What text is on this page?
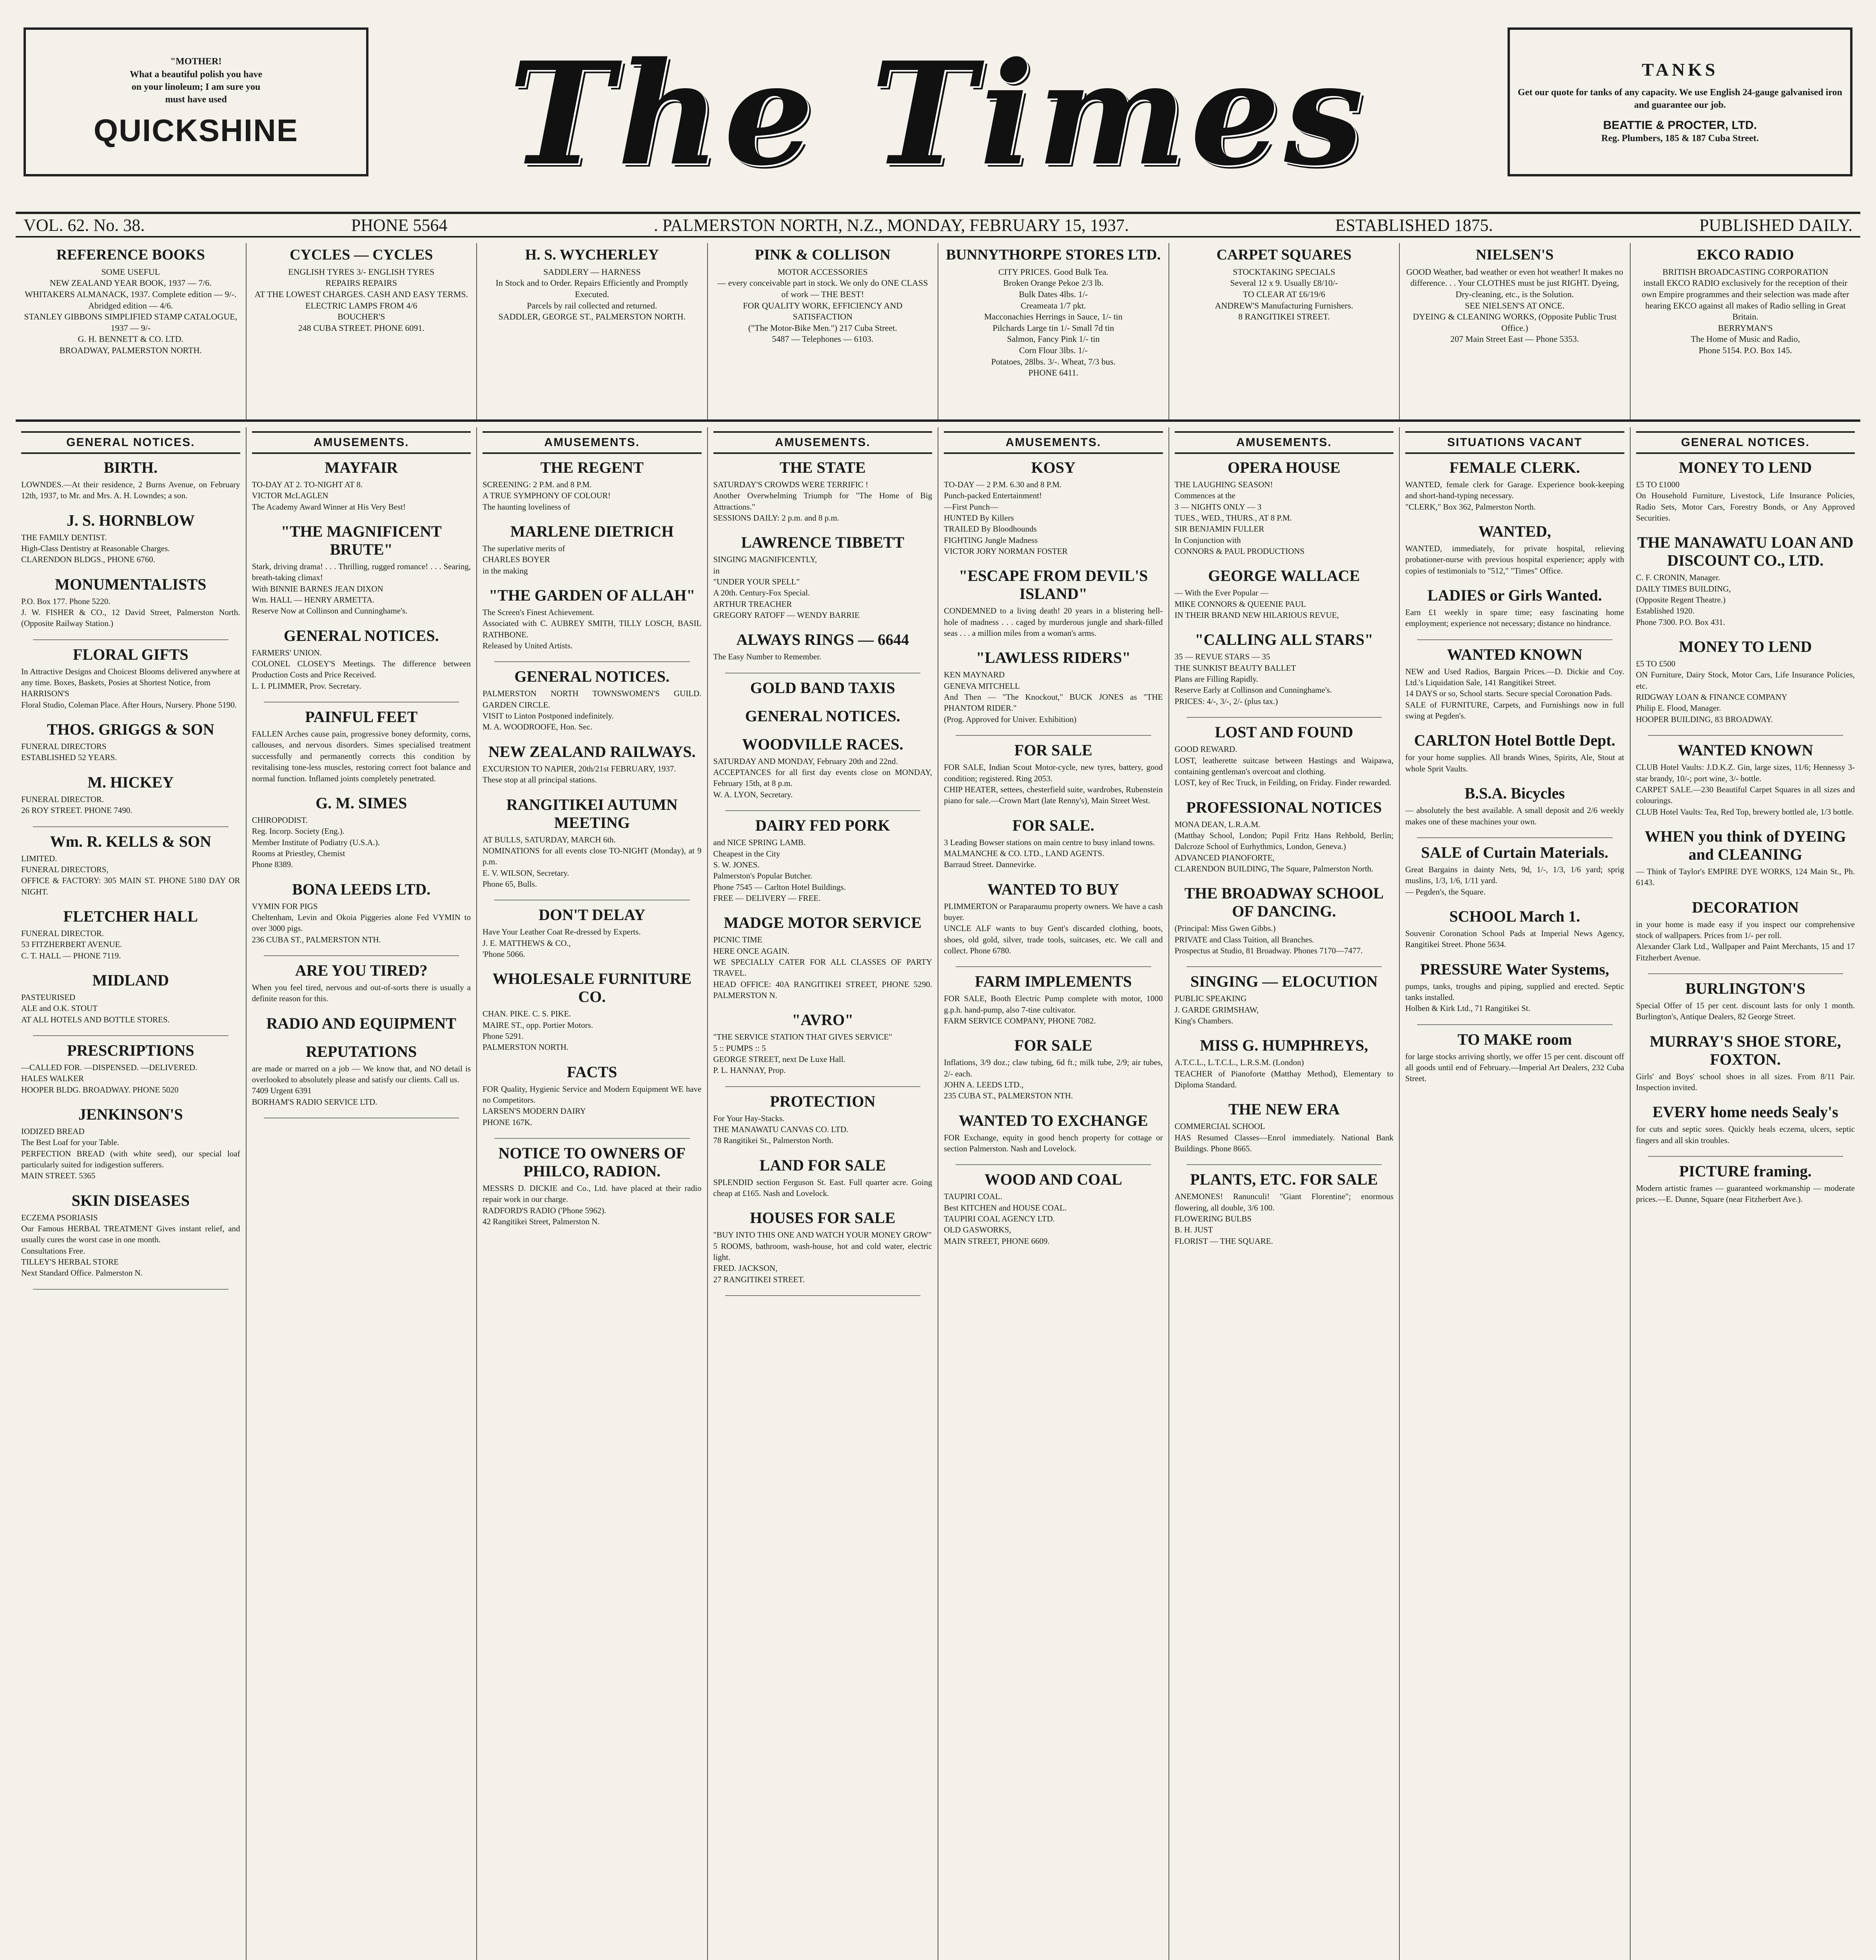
"MOTHER!
What a beautiful polish you have
on your linoleum; I am sure you
must have used
QUICKSHINE	The Times	TANKS
Get our quote for tanks of any capacity. We use English 24-gauge galvanised iron and guarantee our job.
BEATTIE & PROCTER, LTD.
Reg. Plumbers, 185 & 187 Cuba Street.
VOL. 62. No. 38.	PHONE 5564	. PALMERSTON NORTH, N.Z., MONDAY, FEBRUARY 15, 1937.	ESTABLISHED 1875.	PUBLISHED DAILY.
REFERENCE BOOKS
SOME USEFUL
NEW ZEALAND YEAR BOOK, 1937 — 7/6.
WHITAKERS ALMANACK, 1937. Complete edition — 9/-. Abridged edition — 4/6.
STANLEY GIBBONS SIMPLIFIED STAMP CATALOGUE, 1937 — 9/-
G. H. BENNETT & CO. LTD.
BROADWAY, PALMERSTON NORTH.
CYCLES — CYCLES
ENGLISH TYRES 3/- ENGLISH TYRES
REPAIRS REPAIRS
AT THE LOWEST CHARGES. CASH AND EASY TERMS.
ELECTRIC LAMPS FROM 4/6
BOUCHER'S
248 CUBA STREET. PHONE 6091.
H. S. WYCHERLEY
SADDLERY — HARNESS
In Stock and to Order. Repairs Efficiently and Promptly Executed.
Parcels by rail collected and returned.
SADDLER, GEORGE ST., PALMERSTON NORTH.
PINK & COLLISON
MOTOR ACCESSORIES
— every conceivable part in stock. We only do ONE CLASS of work — THE BEST!
FOR QUALITY WORK, EFFICIENCY AND SATISFACTION
("The Motor-Bike Men.") 217 Cuba Street.
5487 — Telephones — 6103.
BUNNYTHORPE STORES LTD.
CITY PRICES. Good Bulk Tea.
Broken Orange Pekoe 2/3 lb.
Bulk Dates 4lbs. 1/-
Creameata 1/7 pkt.
Macconachies Herrings in Sauce, 1/- tin
Pilchards Large tin 1/- Small 7d tin
Salmon, Fancy Pink 1/- tin
Corn Flour 3lbs. 1/-
Potatoes, 28lbs. 3/-. Wheat, 7/3 bus.
PHONE 6411.
CARPET SQUARES
STOCKTAKING SPECIALS
Several 12 x 9. Usually £8/10/-
TO CLEAR AT £6/19/6
ANDREW'S Manufacturing Furnishers.
8 RANGITIKEI STREET.
NIELSEN'S
GOOD Weather, bad weather or even hot weather! It makes no difference. . . Your CLOTHES must be just RIGHT. Dyeing, Dry-cleaning, etc., is the Solution.
SEE NIELSEN'S AT ONCE.
DYEING & CLEANING WORKS, (Opposite Public Trust Office.)
207 Main Street East — Phone 5353.
EKCO RADIO
BRITISH BROADCASTING CORPORATION
install EKCO RADIO exclusively for the reception of their own Empire programmes and their selection was made after hearing EKCO against all makes of Radio selling in Great Britain.
BERRYMAN'S
The Home of Music and Radio,
Phone 5154. P.O. Box 145.
GENERAL NOTICES.
BIRTH.
LOWNDES.—At their residence, 2 Burns Avenue, on February 12th, 1937, to Mr. and Mrs. A. H. Lowndes; a son.
J. S. HORNBLOW
THE FAMILY DENTIST.
High-Class Dentistry at Reasonable Charges.
CLARENDON BLDGS., PHONE 6760.
MONUMENTALISTS
P.O. Box 177. Phone 5220.
J. W. FISHER & CO., 12 David Street, Palmerston North. (Opposite Railway Station.)
FLORAL GIFTS
In Attractive Designs and Choicest Blooms delivered anywhere at any time. Boxes, Baskets, Posies at Shortest Notice, from
HARRISON'S
Floral Studio, Coleman Place. After Hours, Nursery. Phone 5190.
THOS. GRIGGS & SON
FUNERAL DIRECTORS
ESTABLISHED 52 YEARS.
M. HICKEY
FUNERAL DIRECTOR.
26 ROY STREET. PHONE 7490.
Wm. R. KELLS & SON
LIMITED.
FUNERAL DIRECTORS,
OFFICE & FACTORY: 305 MAIN ST. PHONE 5180 DAY OR NIGHT.
FLETCHER HALL
FUNERAL DIRECTOR.
53 FITZHERBERT AVENUE.
C. T. HALL — PHONE 7119.
MIDLAND
PASTEURISED
ALE and O.K. STOUT
AT ALL HOTELS AND BOTTLE STORES.
PRESCRIPTIONS
—CALLED FOR. —DISPENSED. —DELIVERED.
HALES WALKER
HOOPER BLDG. BROADWAY. PHONE 5020
JENKINSON'S
IODIZED BREAD
The Best Loaf for your Table.
PERFECTION BREAD (with white seed), our special loaf particularly suited for indigestion sufferers.
MAIN STREET. 5365
SKIN DISEASES
ECZEMA PSORIASIS
Our Famous HERBAL TREATMENT Gives instant relief, and usually cures the worst case in one month.
Consultations Free.
TILLEY'S HERBAL STORE
Next Standard Office. Palmerston N.
AMUSEMENTS.
MAYFAIR
TO-DAY AT 2. TO-NIGHT AT 8.
VICTOR McLAGLEN
The Academy Award Winner at His Very Best!
"THE MAGNIFICENT BRUTE"
Stark, driving drama! . . . Thrilling, rugged romance! . . . Searing, breath-taking climax!
With BINNIE BARNES JEAN DIXON
Wm. HALL — HENRY ARMETTA.
Reserve Now at Collinson and Cunninghame's.
GENERAL NOTICES.
FARMERS' UNION.
COLONEL CLOSEY'S Meetings. The difference between Production Costs and Price Received.
L. I. PLIMMER, Prov. Secretary.
PAINFUL FEET
FALLEN Arches cause pain, progressive boney deformity, corns, callouses, and nervous disorders. Simes specialised treatment successfully and permanently corrects this condition by revitalising tone-less muscles, restoring correct foot balance and normal function. Inflamed joints completely penetrated.
G. M. SIMES
CHIROPODIST.
Reg. Incorp. Society (Eng.).
Member Institute of Podiatry (U.S.A.).
Rooms at Priestley, Chemist
Phone 8389.
BONA LEEDS LTD.
VYMIN FOR PIGS
Cheltenham, Levin and Okoia Piggeries alone Fed VYMIN to over 3000 pigs.
236 CUBA ST., PALMERSTON NTH.
ARE YOU TIRED?
When you feel tired, nervous and out-of-sorts there is usually a definite reason for this.
RADIO AND EQUIPMENT
REPUTATIONS
are made or marred on a job — We know that, and NO detail is overlooked to absolutely please and satisfy our clients. Call us.
7409 Urgent 6391
BORHAM'S RADIO SERVICE LTD.
AMUSEMENTS.
THE REGENT
SCREENING: 2 P.M. and 8 P.M.
A TRUE SYMPHONY OF COLOUR!
The haunting loveliness of
MARLENE DIETRICH
The superlative merits of
CHARLES BOYER
in the making
"THE GARDEN OF ALLAH"
The Screen's Finest Achievement.
Associated with C. AUBREY SMITH, TILLY LOSCH, BASIL RATHBONE.
Released by United Artists.
GENERAL NOTICES.
PALMERSTON NORTH TOWNSWOMEN'S GUILD. GARDEN CIRCLE.
VISIT to Linton Postponed indefinitely.
M. A. WOODROOFE, Hon. Sec.
NEW ZEALAND RAILWAYS.
EXCURSION TO NAPIER, 20th/21st FEBRUARY, 1937.
These stop at all principal stations.
RANGITIKEI AUTUMN MEETING
AT BULLS, SATURDAY, MARCH 6th.
NOMINATIONS for all events close TO-NIGHT (Monday), at 9 p.m.
E. V. WILSON, Secretary.
Phone 65, Bulls.
DON'T DELAY
Have Your Leather Coat Re-dressed by Experts.
J. E. MATTHEWS & CO.,
'Phone 5066.
WHOLESALE FURNITURE CO.
CHAN. PIKE. C. S. PIKE.
MAIRE ST., opp. Portier Motors.
Phone 5291.
PALMERSTON NORTH.
FACTS
FOR Quality, Hygienic Service and Modern Equipment WE have no Competitors.
LARSEN'S MODERN DAIRY
PHONE 167K.
NOTICE TO OWNERS OF PHILCO, RADION.
MESSRS D. DICKIE and Co., Ltd. have placed at their radio repair work in our charge.
RADFORD'S RADIO ('Phone 5962).
42 Rangitikei Street, Palmerston N.
AMUSEMENTS.
THE STATE
SATURDAY'S CROWDS WERE TERRIFIC !
Another Overwhelming Triumph for "The Home of Big Attractions."
SESSIONS DAILY: 2 p.m. and 8 p.m.
LAWRENCE TIBBETT
SINGING MAGNIFICENTLY,
in
"UNDER YOUR SPELL"
A 20th. Century-Fox Special.
ARTHUR TREACHER
GREGORY RATOFF — WENDY BARRIE
ALWAYS RINGS — 6644
The Easy Number to Remember.
GOLD BAND TAXIS
GENERAL NOTICES.
WOODVILLE RACES.
SATURDAY AND MONDAY, February 20th and 22nd.
ACCEPTANCES for all first day events close on MONDAY, February 15th, at 8 p.m.
W. A. LYON, Secretary.
DAIRY FED PORK
and NICE SPRING LAMB.
Cheapest in the City
S. W. JONES.
Palmerston's Popular Butcher.
Phone 7545 — Carlton Hotel Buildings.
FREE — DELIVERY — FREE.
MADGE MOTOR SERVICE
PICNIC TIME
HERE ONCE AGAIN.
WE SPECIALLY CATER FOR ALL CLASSES OF PARTY TRAVEL.
HEAD OFFICE: 40A RANGITIKEI STREET, PHONE 5290. PALMERSTON N.
"AVRO"
"THE SERVICE STATION THAT GIVES SERVICE"
5 :: PUMPS :: 5
GEORGE STREET, next De Luxe Hall.
P. L. HANNAY, Prop.
PROTECTION
For Your Hay-Stacks.
THE MANAWATU CANVAS CO. LTD.
78 Rangitikei St., Palmerston North.
LAND FOR SALE
SPLENDID section Ferguson St. East. Full quarter acre. Going cheap at £165. Nash and Lovelock.
HOUSES FOR SALE
"BUY INTO THIS ONE AND WATCH YOUR MONEY GROW"
5 ROOMS, bathroom, wash-house, hot and cold water, electric light.
FRED. JACKSON,
27 RANGITIKEI STREET.
AMUSEMENTS.
KOSY
TO-DAY — 2 P.M. 6.30 and 8 P.M.
Punch-packed Entertainment!
—First Punch—
HUNTED By Killers
TRAILED By Bloodhounds
FIGHTING Jungle Madness
VICTOR JORY NORMAN FOSTER
"ESCAPE FROM DEVIL'S ISLAND"
CONDEMNED to a living death! 20 years in a blistering hell-hole of madness . . . caged by murderous jungle and shark-filled seas . . . a million miles from a woman's arms.
"LAWLESS RIDERS"
KEN MAYNARD
GENEVA MITCHELL
And Then — "The Knockout," BUCK JONES as "THE PHANTOM RIDER."
(Prog. Approved for Univer. Exhibition)
FOR SALE
FOR SALE, Indian Scout Motor-cycle, new tyres, battery, good condition; registered. Ring 2053.
CHIP HEATER, settees, chesterfield suite, wardrobes, Rubenstein piano for sale.—Crown Mart (late Renny's), Main Street West.
FOR SALE.
3 Leading Bowser stations on main centre to busy inland towns.
MALMANCHE & CO. LTD., LAND AGENTS.
Barraud Street. Dannevirke.
WANTED TO BUY
PLIMMERTON or Paraparaumu property owners. We have a cash buyer.
UNCLE ALF wants to buy Gent's discarded clothing, boots, shoes, old gold, silver, trade tools, suitcases, etc. We call and collect. Phone 6780.
FARM IMPLEMENTS
FOR SALE, Booth Electric Pump complete with motor, 1000 g.p.h. hand-pump, also 7-tine cultivator.
FARM SERVICE COMPANY, PHONE 7082.
FOR SALE
Inflations, 3/9 doz.; claw tubing, 6d ft.; milk tube, 2/9; air tubes, 2/- each.
JOHN A. LEEDS LTD.,
235 CUBA ST., PALMERSTON NTH.
WANTED TO EXCHANGE
FOR Exchange, equity in good bench property for cottage or section Palmerston. Nash and Lovelock.
WOOD AND COAL
TAUPIRI COAL.
Best KITCHEN and HOUSE COAL.
TAUPIRI COAL AGENCY LTD.
OLD GASWORKS,
MAIN STREET, PHONE 6609.
AMUSEMENTS.
OPERA HOUSE
THE LAUGHING SEASON!
Commences at the
3 — NIGHTS ONLY — 3
TUES., WED., THURS., AT 8 P.M.
SIR BENJAMIN FULLER
In Conjunction with
CONNORS & PAUL PRODUCTIONS
GEORGE WALLACE
— With the Ever Popular —
MIKE CONNORS & QUEENIE PAUL
IN THEIR BRAND NEW HILARIOUS REVUE,
"CALLING ALL STARS"
35 — REVUE STARS — 35
THE SUNKIST BEAUTY BALLET
Plans are Filling Rapidly.
Reserve Early at Collinson and Cunninghame's.
PRICES: 4/-, 3/-, 2/- (plus tax.)
LOST AND FOUND
GOOD REWARD.
LOST, leatherette suitcase between Hastings and Waipawa, containing gentleman's overcoat and clothing.
LOST, key of Rec Truck, in Feilding, on Friday. Finder rewarded.
PROFESSIONAL NOTICES
MONA DEAN, L.R.A.M.
(Matthay School, London; Pupil Fritz Hans Rehbold, Berlin; Dalcroze School of Eurhythmics, London, Geneva.)
ADVANCED PIANOFORTE,
CLARENDON BUILDING, The Square, Palmerston North.
THE BROADWAY SCHOOL OF DANCING.
(Principal: Miss Gwen Gibbs.)
PRIVATE and Class Tuition, all Branches.
Prospectus at Studio, 81 Broadway. Phones 7170—7477.
SINGING — ELOCUTION
PUBLIC SPEAKING
J. GARDE GRIMSHAW,
King's Chambers.
MISS G. HUMPHREYS,
A.T.C.L., L.T.C.L., L.R.S.M. (London)
TEACHER of Pianoforte (Matthay Method), Elementary to Diploma Standard.
THE NEW ERA
COMMERCIAL SCHOOL
HAS Resumed Classes—Enrol immediately. National Bank Buildings. Phone 8665.
PLANTS, ETC. FOR SALE
ANEMONES! Ranunculi! "Giant Florentine"; enormous flowering, all double, 3/6 100.
FLOWERING BULBS
B. H. JUST
FLORIST — THE SQUARE.
SITUATIONS VACANT
FEMALE CLERK.
WANTED, female clerk for Garage. Experience book-keeping and short-hand-typing necessary.
"CLERK," Box 362, Palmerston North.
WANTED,
WANTED, immediately, for private hospital, relieving probationer-nurse with previous hospital experience; apply with copies of testimonials to "512," "Times" Office.
LADIES or Girls Wanted.
Earn £1 weekly in spare time; easy fascinating home employment; experience not necessary; distance no hindrance.
WANTED KNOWN
NEW and Used Radios, Bargain Prices.—D. Dickie and Coy. Ltd.'s Liquidation Sale, 141 Rangitikei Street.
14 DAYS or so, School starts. Secure special Coronation Pads.
SALE of FURNITURE, Carpets, and Furnishings now in full swing at Pegden's.
CARLTON Hotel Bottle Dept.
for your home supplies. All brands Wines, Spirits, Ale, Stout at whole Sprit Vaults.
B.S.A. Bicycles
— absolutely the best available. A small deposit and 2/6 weekly makes one of these machines your own.
SALE of Curtain Materials.
Great Bargains in dainty Nets, 9d, 1/-, 1/3, 1/6 yard; sprig muslins, 1/3, 1/6, 1/11 yard.
— Pegden's, the Square.
SCHOOL March 1.
Souvenir Coronation School Pads at Imperial News Agency, Rangitikei Street. Phone 5634.
PRESSURE Water Systems,
pumps, tanks, troughs and piping, supplied and erected. Septic tanks installed.
Holben & Kirk Ltd., 71 Rangitikei St.
TO MAKE room
for large stocks arriving shortly, we offer 15 per cent. discount off all goods until end of February.—Imperial Art Dealers, 232 Cuba Street.
GENERAL NOTICES.
MONEY TO LEND
£5 TO £1000
On Household Furniture, Livestock, Life Insurance Policies, Radio Sets, Motor Cars, Forestry Bonds, or Any Approved Securities.
THE MANAWATU LOAN AND DISCOUNT CO., LTD.
C. F. CRONIN, Manager.
DAILY TIMES BUILDING,
(Opposite Regent Theatre.)
Established 1920.
Phone 7300. P.O. Box 431.
MONEY TO LEND
£5 TO £500
ON Furniture, Dairy Stock, Motor Cars, Life Insurance Policies, etc.
RIDGWAY LOAN & FINANCE COMPANY
Philip E. Flood, Manager.
HOOPER BUILDING, 83 BROADWAY.
WANTED KNOWN
CLUB Hotel Vaults: J.D.K.Z. Gin, large sizes, 11/6; Hennessy 3-star brandy, 10/-; port wine, 3/- bottle.
CARPET SALE.—230 Beautiful Carpet Squares in all sizes and colourings.
CLUB Hotel Vaults: Tea, Red Top, brewery bottled ale, 1/3 bottle.
WHEN you think of DYEING and CLEANING
— Think of Taylor's EMPIRE DYE WORKS, 124 Main St., Ph. 6143.
DECORATION
in your home is made easy if you inspect our comprehensive stock of wallpapers. Prices from 1/- per roll.
Alexander Clark Ltd., Wallpaper and Paint Merchants, 15 and 17 Fitzherbert Avenue.
BURLINGTON'S
Special Offer of 15 per cent. discount lasts for only 1 month. Burlington's, Antique Dealers, 82 George Street.
MURRAY'S SHOE STORE, FOXTON.
Girls' and Boys' school shoes in all sizes. From 8/11 Pair. Inspection invited.
EVERY home needs Sealy's
for cuts and septic sores. Quickly heals eczema, ulcers, septic fingers and all skin troubles.
PICTURE framing.
Modern artistic frames — guaranteed workmanship — moderate prices.—E. Dunne, Square (near Fitzherbert Ave.).
